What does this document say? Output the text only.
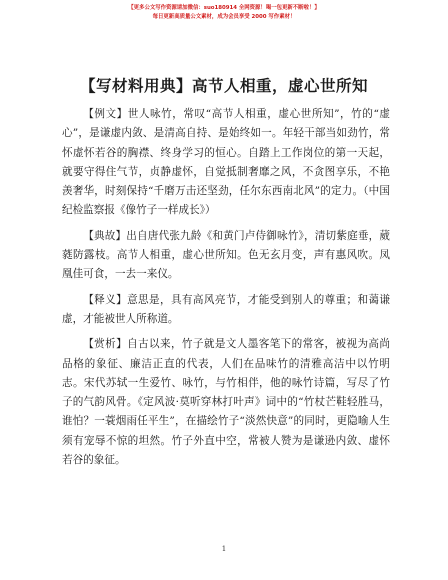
【更多公文写作资源请加微信：suo180914 全网资源！喝一包更新不断啦！】
每日更新高质量公文素材，成为会员享受 2000 写作素材！
【写材料用典】高节人相重，虚心世所知

【例文】世人咏竹，常叹“高节人相重，虚心世所知”，竹的“虚心”，是谦虚内敛、是清高自持、是始终如一。年轻干部当如劲竹，常怀虚怀若谷的胸襟、终身学习的恒心。自踏上工作岗位的第一天起，就要守得住气节，贞静虚怀，自觉抵制奢靡之风，不贪图享乐，不艳羡奢华，时刻保持“千磨万击还坚劲，任尔东西南北风”的定力。（中国纪检监察报《像竹子一样成长》）

【典故】出自唐代张九龄《和黄门卢侍御咏竹》，清切紫庭垂，葳蕤防露枝。高节人相重，虚心世所知。色无玄月变，声有惠风吹。凤凰佳可食，一去一来仪。

【释义】意思是，具有高风亮节，才能受到别人的尊重；和蔼谦虚，才能被世人所称道。

【赏析】自古以来，竹子就是文人墨客笔下的常客，被视为高尚品格的象征、廉洁正直的代表，人们在品味竹的清雅高洁中以竹明志。宋代苏轼一生爱竹、咏竹，与竹相伴，他的咏竹诗篇，写尽了竹子的气韵风骨。《定风波·莫听穿林打叶声》词中的“竹杖芒鞋轻胜马，谁怕？一蓑烟雨任平生”，在描绘竹子“淡然快意”的同时，更隐喻人生须有宠辱不惊的坦然。竹子外直中空，常被人赞为是谦逊内敛、虚怀若谷的象征。

1
